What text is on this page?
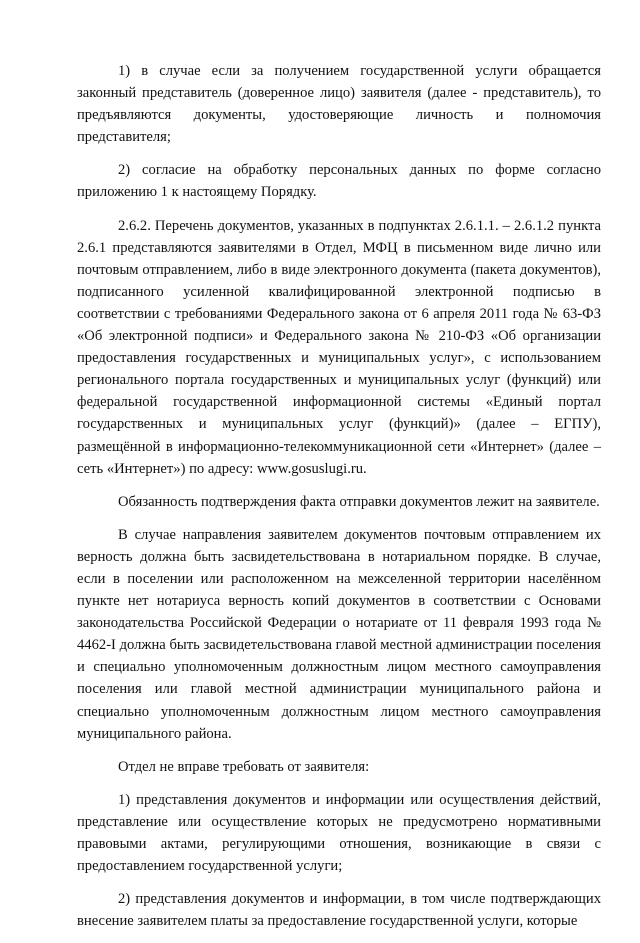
1) в случае если за получением государственной услуги обращается законный представитель (доверенное лицо) заявителя (далее - представитель), то предъявляются документы, удостоверяющие личность и полномочия представителя;

2) согласие на обработку персональных данных по форме согласно приложению 1 к настоящему Порядку.

2.6.2. Перечень документов, указанных в подпунктах 2.6.1.1. – 2.6.1.2 пункта 2.6.1 представляются заявителями в Отдел, МФЦ в письменном виде лично или почтовым отправлением, либо в виде электронного документа (пакета документов), подписанного усиленной квалифицированной электронной подписью в соответствии с требованиями Федерального закона от 6 апреля 2011 года № 63-ФЗ «Об электронной подписи» и Федерального закона № 210-ФЗ «Об организации предоставления государственных и муниципальных услуг», с использованием регионального портала государственных и муниципальных услуг (функций) или федеральной государственной информационной системы «Единый портал государственных и муниципальных услуг (функций)» (далее – ЕГПУ), размещённой в информационно-телекоммуникационной сети «Интернет» (далее – сеть «Интернет») по адресу: www.gosuslugi.ru.

Обязанность подтверждения факта отправки документов лежит на заявителе.

В случае направления заявителем документов почтовым отправлением их верность должна быть засвидетельствована в нотариальном порядке. В случае, если в поселении или расположенном на межселенной территории населённом пункте нет нотариуса верность копий документов в соответствии с Основами законодательства Российской Федерации о нотариате от 11 февраля 1993 года № 4462-I должна быть засвидетельствована главой местной администрации поселения и специально уполномоченным должностным лицом местного самоуправления поселения или главой местной администрации муниципального района и специально уполномоченным должностным лицом местного самоуправления муниципального района.

Отдел не вправе требовать от заявителя:

1) представления документов и информации или осуществления действий, представление или осуществление которых не предусмотрено нормативными правовыми актами, регулирующими отношения, возникающие в связи с предоставлением государственной услуги;

2) представления документов и информации, в том числе подтверждающих внесение заявителем платы за предоставление государственной услуги, которые
